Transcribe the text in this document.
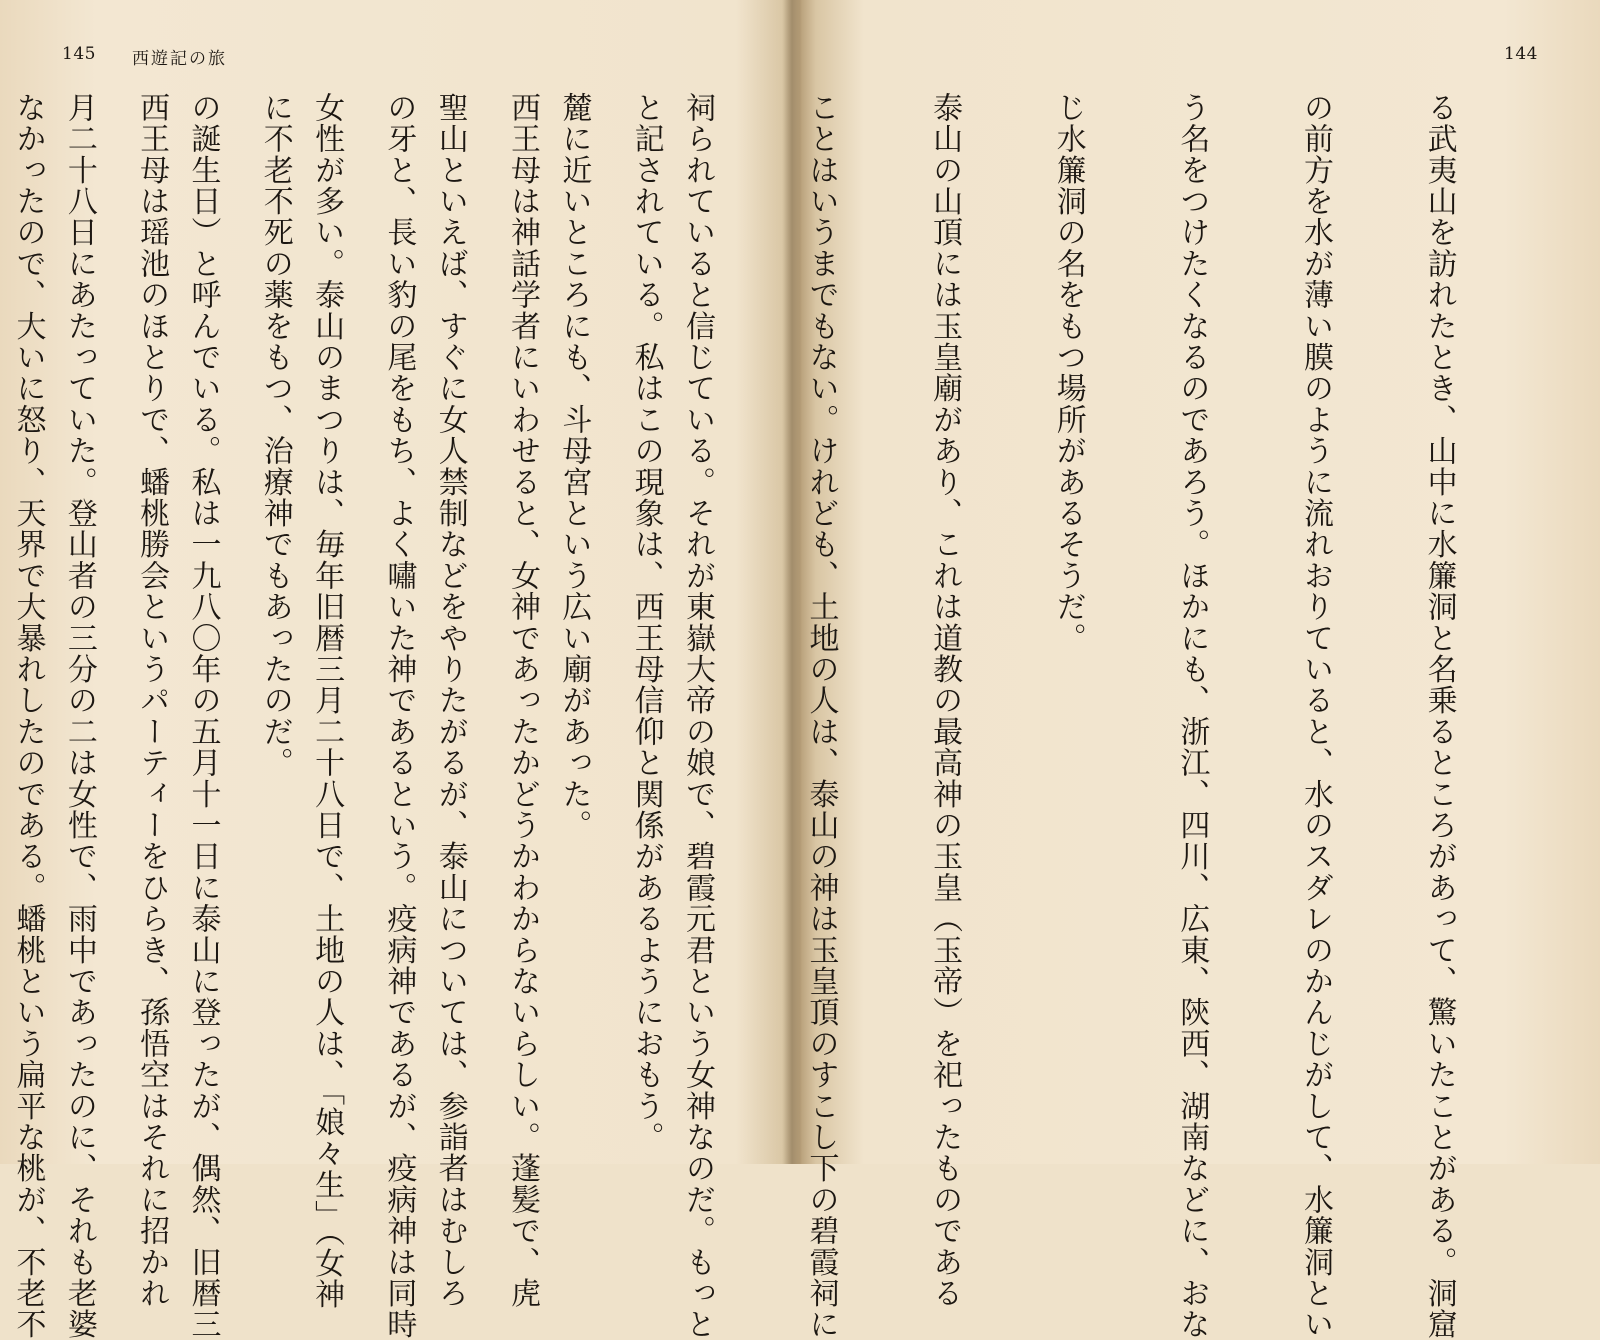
145 西遊記の旅

と記されている。私はこの現象は、西王母信仰と関係があるようにおもう。

西王母は神話学者にいわせると、女神であったかどうかわからないらしい。蓬髪で、虎

の牙と、長い豹の尾をもち、よく嘯いた神であるという。疫病神であるが、疫病神は同時

に不老不死の薬をもつ、治療神でもあったのだ。

西王母は瑶池のほとりで、蟠桃勝会というパーティーをひらき、孫悟空はそれに招かれ

なかったので、大いに怒り、天界で大暴れしたのである。蟠桃という扁平な桃が、不老不

144

る武夷山を訪れたとき、山中に水簾洞と名乗るところがあって、驚いたことがある。洞窟

の前方を水が薄い膜のように流れおりていると、水のスダレのかんじがして、水簾洞とい

う名をつけたくなるのであろう。ほかにも、浙江、四川、広東、陝西、湖南などに、おな

じ水簾洞の名をもつ場所があるそうだ。

泰山の山頂には玉皇廟があり、これは道教の最高神の玉皇（玉帝）を祀ったものである

ことはいうまでもない。けれども、土地の人は、泰山の神は玉皇頂のすこし下の碧霞祠に

祠られていると信じている。それが東嶽大帝の娘で、碧霞元君という女神なのだ。もっと

麓に近いところにも、斗母宮という広い廟があった。

聖山といえば、すぐに女人禁制などをやりたがるが、泰山については、参詣者はむしろ

女性が多い。泰山のまつりは、毎年旧暦三月二十八日で、土地の人は、「娘々生」（女神

の誕生日）と呼んでいる。私は一九八〇年の五月十一日に泰山に登ったが、偶然、旧暦三

月二十八日にあたっていた。登山者の三分の二は女性で、雨中であったのに、それも老婆
